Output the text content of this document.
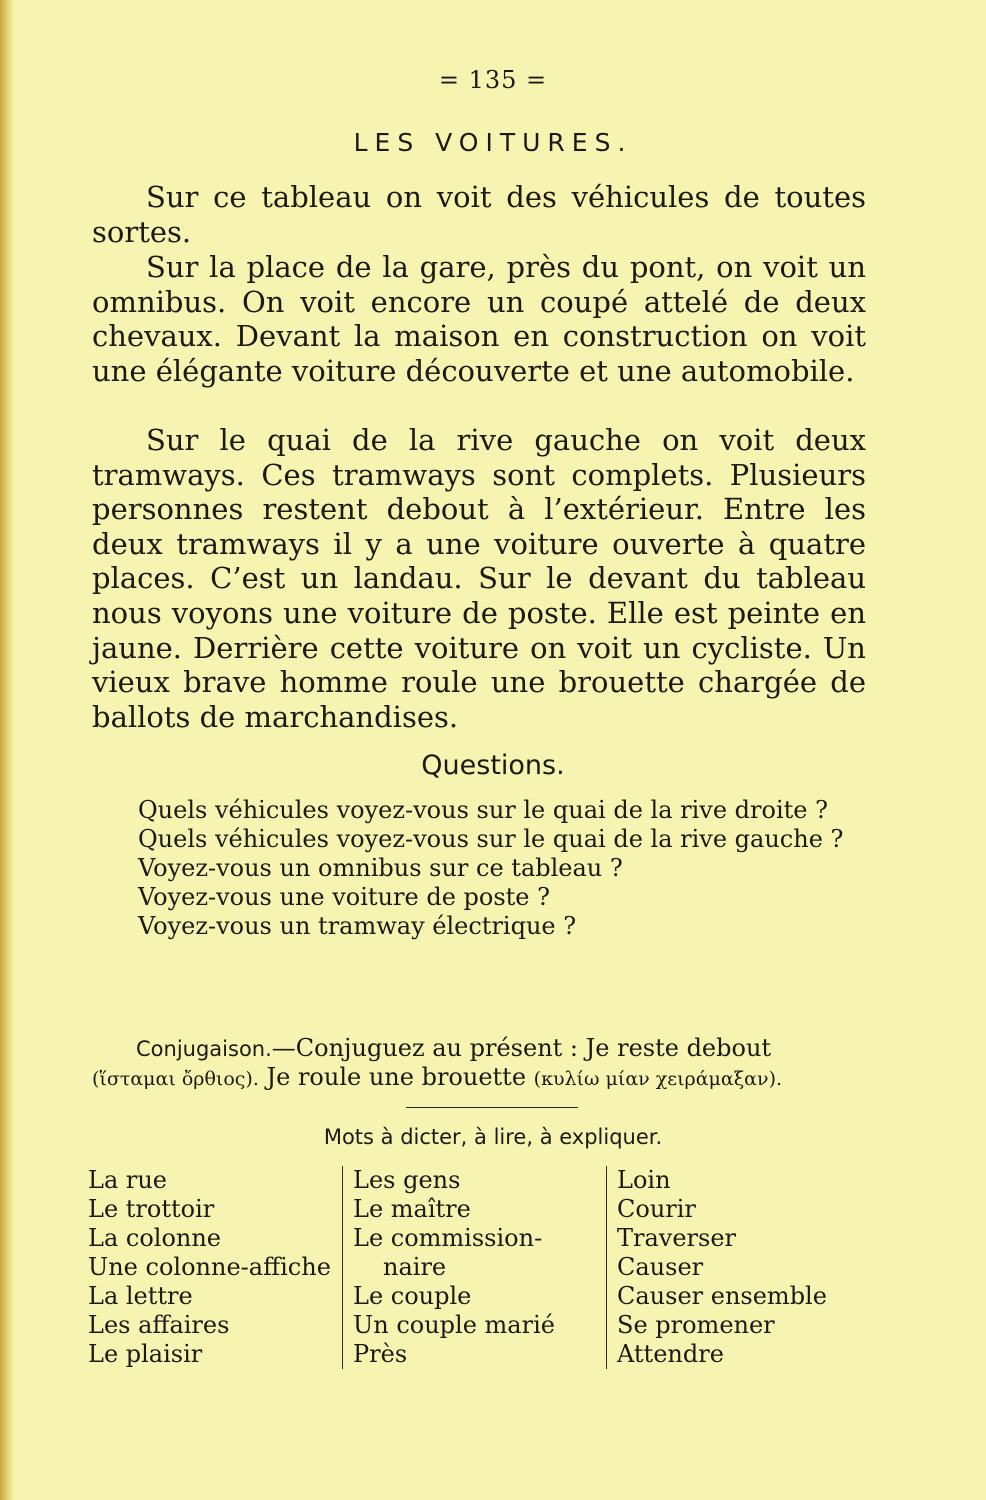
= 135 =
LES VOITURES.

Sur ce tableau on voit des véhicules de toutes sortes.

Sur la place de la gare, près du pont, on voit un omnibus. On voit encore un coupé attelé de deux chevaux. Devant la maison en construction on voit une élégante voiture découverte et une automobile.

Sur le quai de la rive gauche on voit deux tramways. Ces tramways sont complets. Plusieurs personnes restent debout à l’extérieur. Entre les deux tramways il y a une voiture ouverte à quatre places. C’est un landau. Sur le devant du tableau nous voyons une voiture de poste. Elle est peinte en jaune. Derrière cette voiture on voit un cycliste. Un vieux brave homme roule une brouette chargée de ballots de marchandises.

Questions.

Quels véhicules voyez-vous sur le quai de la rive droite ?

Quels véhicules voyez-vous sur le quai de la rive gauche ?

Voyez-vous un omnibus sur ce tableau ?

Voyez-vous une voiture de poste ?

Voyez-vous un tramway électrique ?

Conjugaison.—Conjuguez au présent : Je reste debout

(ἵσταμαι ὄρθιος). Je roule une brouette (κυλίω μίαν χειράμαξαν).

Mots à dicter, à lire, à expliquer.
La rue
Le trottoir
La colonne
Une colonne-affiche
La lettre
Les affaires
Le plaisir
Les gens
Le maître
Le commission-
naire
Le couple
Un couple marié
Près
Loin
Courir
Traverser
Causer
Causer ensemble
Se promener
Attendre
